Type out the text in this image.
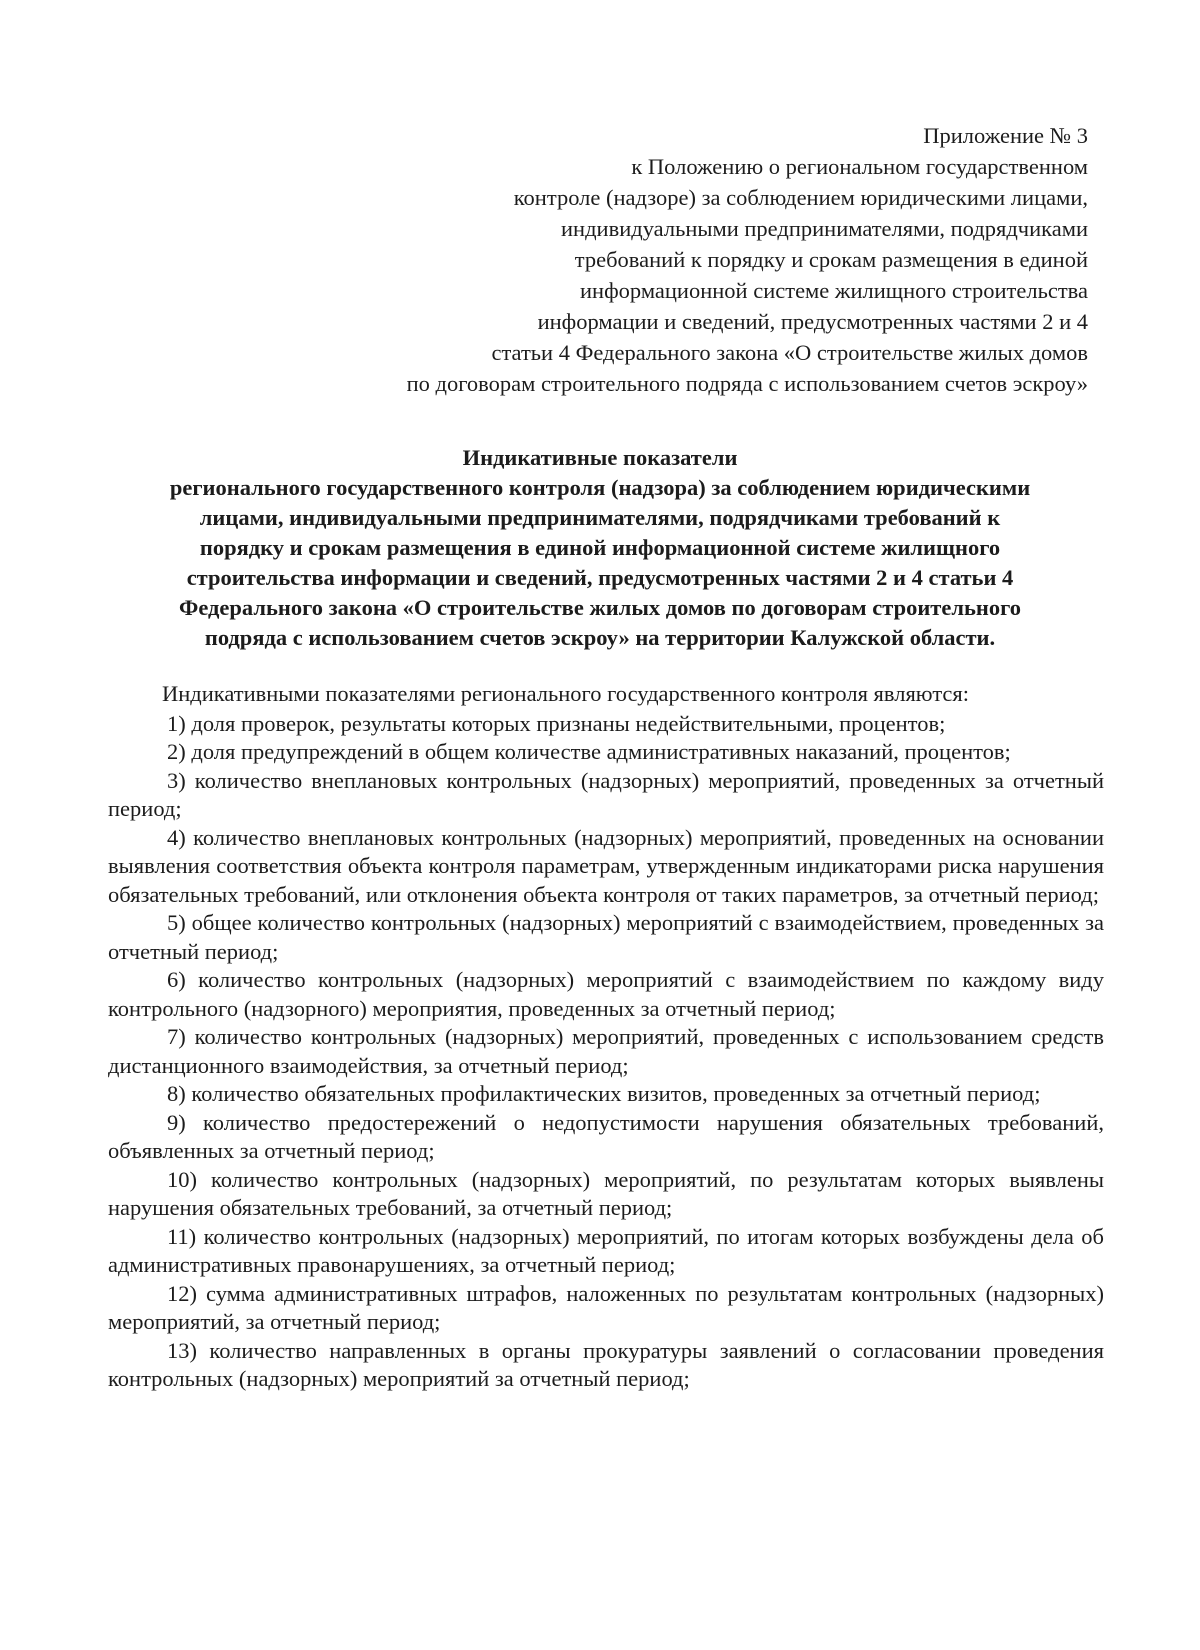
Приложение № 3
к Положению о региональном государственном
контроле (надзоре) за соблюдением юридическими лицами,
индивидуальными предпринимателями, подрядчиками
требований к порядку и срокам размещения в единой
информационной системе жилищного строительства
информации и сведений, предусмотренных частями 2 и 4
статьи 4 Федерального закона «О строительстве жилых домов
по договорам строительного подряда с использованием счетов эскроу»
Индикативные показатели
регионального государственного контроля (надзора) за соблюдением юридическими
лицами, индивидуальными предпринимателями, подрядчиками требований к
порядку и срокам размещения в единой информационной системе жилищного
строительства информации и сведений, предусмотренных частями 2 и 4 статьи 4
Федерального закона «О строительстве жилых домов по договорам строительного
подряда с использованием счетов эскроу» на территории Калужской области.

Индикативными показателями регионального государственного контроля являются:

1) доля проверок, результаты которых признаны недействительными, процентов;

2) доля предупреждений в общем количестве административных наказаний, процентов;

3) количество внеплановых контрольных (надзорных) мероприятий, проведенных за отчетный период;

4) количество внеплановых контрольных (надзорных) мероприятий, проведенных на основании выявления соответствия объекта контроля параметрам, утвержденным индикаторами риска нарушения обязательных требований, или отклонения объекта контроля от таких параметров, за отчетный период;

5) общее количество контрольных (надзорных) мероприятий с взаимодействием, проведенных за отчетный период;

6) количество контрольных (надзорных) мероприятий с взаимодействием по каждому виду контрольного (надзорного) мероприятия, проведенных за отчетный период;

7) количество контрольных (надзорных) мероприятий, проведенных с использованием средств дистанционного взаимодействия, за отчетный период;

8) количество обязательных профилактических визитов, проведенных за отчетный период;

9) количество предостережений о недопустимости нарушения обязательных требований, объявленных за отчетный период;

10) количество контрольных (надзорных) мероприятий, по результатам которых выявлены нарушения обязательных требований, за отчетный период;

11) количество контрольных (надзорных) мероприятий, по итогам которых возбуждены дела об административных правонарушениях, за отчетный период;

12) сумма административных штрафов, наложенных по результатам контрольных (надзорных) мероприятий, за отчетный период;

13) количество направленных в органы прокуратуры заявлений о согласовании проведения контрольных (надзорных) мероприятий за отчетный период;
